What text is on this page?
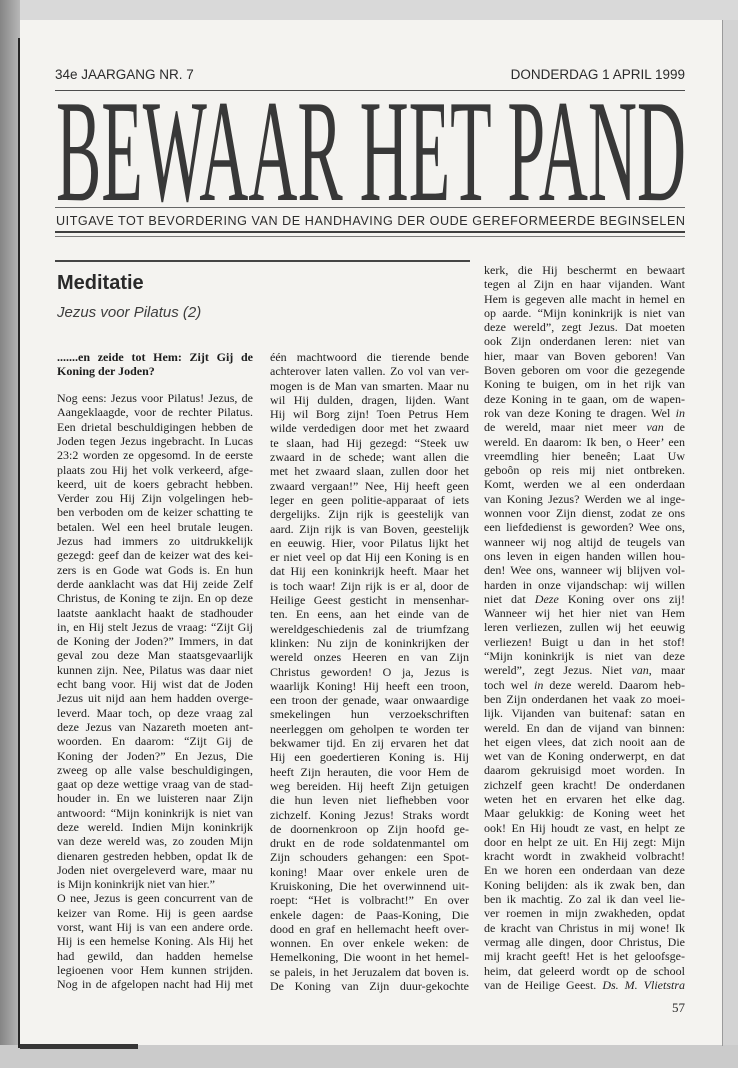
34e JAARGANG NR. 7	DONDERDAG 1 APRIL 1999
BEWAAR HET PAND
UITGAVE TOT BEVORDERING VAN DE HANDHAVING DER OUDE GEREFORMEERDE BEGINSELEN
Meditatie
Jezus voor Pilatus (2)
.......en zeide tot Hem: Zijt Gij de
Koning der Joden?
Nog eens: Jezus voor Pilatus! Jezus, de
Aangeklaagde, voor de rechter Pilatus.
Een drietal beschuldigingen hebben de
Joden tegen Jezus ingebracht. In Lucas
23:2 worden ze opgesomd. In de eerste
plaats zou Hij het volk verkeerd, afge-
keerd, uit de koers gebracht hebben.
Verder zou Hij Zijn volgelingen heb-
ben verboden om de keizer schatting te
betalen. Wel een heel brutale leugen.
Jezus had immers zo uitdrukkelijk
gezegd: geef dan de keizer wat des kei-
zers is en Gode wat Gods is. En hun
derde aanklacht was dat Hij zeide Zelf
Christus, de Koning te zijn. En op deze
laatste aanklacht haakt de stadhouder
in, en Hij stelt Jezus de vraag: “Zijt Gij
de Koning der Joden?” Immers, in dat
geval zou deze Man staatsgevaarlijk
kunnen zijn. Nee, Pilatus was daar niet
echt bang voor. Hij wist dat de Joden
Jezus uit nijd aan hem hadden overge-
leverd. Maar toch, op deze vraag zal
deze Jezus van Nazareth moeten ant-
woorden. En daarom: “Zijt Gij de
Koning der Joden?” En Jezus, Die
zweeg op alle valse beschuldigingen,
gaat op deze wettige vraag van de stad-
houder in. En we luisteren naar Zijn
antwoord: “Mijn koninkrijk is niet van
deze wereld. Indien Mijn koninkrijk
van deze wereld was, zo zouden Mijn
dienaren gestreden hebben, opdat Ik de
Joden niet overgeleverd ware, maar nu
is Mijn koninkrijk niet van hier.”
O nee, Jezus is geen concurrent van de
keizer van Rome. Hij is geen aardse
vorst, want Hij is van een andere orde.
Hij is een hemelse Koning. Als Hij het
had gewild, dan hadden hemelse
legioenen voor Hem kunnen strijden.
Nog in de afgelopen nacht had Hij met
één machtwoord die tierende bende
achterover laten vallen. Zo vol van ver-
mogen is de Man van smarten. Maar nu
wil Hij dulden, dragen, lijden. Want
Hij wil Borg zijn! Toen Petrus Hem
wilde verdedigen door met het zwaard
te slaan, had Hij gezegd: “Steek uw
zwaard in de schede; want allen die
met het zwaard slaan, zullen door het
zwaard vergaan!” Nee, Hij heeft geen
leger en geen politie-apparaat of iets
dergelijks. Zijn rijk is geestelijk van
aard. Zijn rijk is van Boven, geestelijk
en eeuwig. Hier, voor Pilatus lijkt het
er niet veel op dat Hij een Koning is en
dat Hij een koninkrijk heeft. Maar het
is toch waar! Zijn rijk is er al, door de
Heilige Geest gesticht in mensenhar-
ten. En eens, aan het einde van de
wereldgeschiedenis zal de triumfzang
klinken: Nu zijn de koninkrijken der
wereld onzes Heeren en van Zijn
Christus geworden! O ja, Jezus is
waarlijk Koning! Hij heeft een troon,
een troon der genade, waar onwaardige
smekelingen hun verzoekschriften
neerleggen om geholpen te worden ter
bekwamer tijd. En zij ervaren het dat
Hij een goedertieren Koning is. Hij
heeft Zijn herauten, die voor Hem de
weg bereiden. Hij heeft Zijn getuigen
die hun leven niet liefhebben voor
zichzelf. Koning Jezus! Straks wordt
de doornenkroon op Zijn hoofd ge-
drukt en de rode soldatenmantel om
Zijn schouders gehangen: een Spot-
koning! Maar over enkele uren de
Kruiskoning, Die het overwinnend uit-
roept: “Het is volbracht!” En over
enkele dagen: de Paas-Koning, Die
dood en graf en hellemacht heeft over-
wonnen. En over enkele weken: de
Hemelkoning, Die woont in het hemel-
se paleis, in het Jeruzalem dat boven is.
De Koning van Zijn duur-gekochte
kerk, die Hij beschermt en bewaart
tegen al Zijn en haar vijanden. Want
Hem is gegeven alle macht in hemel en
op aarde. “Mijn koninkrijk is niet van
deze wereld”, zegt Jezus. Dat moeten
ook Zijn onderdanen leren: niet van
hier, maar van Boven geboren! Van
Boven geboren om voor die gezegende
Koning te buigen, om in het rijk van
deze Koning in te gaan, om de wapen-
rok van deze Koning te dragen. Wel in
de wereld, maar niet meer van de
wereld. En daarom: Ik ben, o Heer’ een
vreemdling hier beneên; Laat Uw
geboôn op reis mij niet ontbreken.
Komt, werden we al een onderdaan
van Koning Jezus? Werden we al inge-
wonnen voor Zijn dienst, zodat ze ons
een liefdedienst is geworden? Wee ons,
wanneer wij nog altijd de teugels van
ons leven in eigen handen willen hou-
den! Wee ons, wanneer wij blijven vol-
harden in onze vijandschap: wij willen
niet dat Deze Koning over ons zij!
Wanneer wij het hier niet van Hem
leren verliezen, zullen wij het eeuwig
verliezen! Buigt u dan in het stof!
“Mijn koninkrijk is niet van deze
wereld”, zegt Jezus. Niet van, maar
toch wel in deze wereld. Daarom heb-
ben Zijn onderdanen het vaak zo moei-
lijk. Vijanden van buitenaf: satan en
wereld. En dan de vijand van binnen:
het eigen vlees, dat zich nooit aan de
wet van de Koning onderwerpt, en dat
daarom gekruisigd moet worden. In
zichzelf geen kracht! De onderdanen
weten het en ervaren het elke dag.
Maar gelukkig: de Koning weet het
ook! En Hij houdt ze vast, en helpt ze
door en helpt ze uit. En Hij zegt: Mijn
kracht wordt in zwakheid volbracht!
En we horen een onderdaan van deze
Koning belijden: als ik zwak ben, dan
ben ik machtig. Zo zal ik dan veel lie-
ver roemen in mijn zwakheden, opdat
de kracht van Christus in mij wone! Ik
vermag alle dingen, door Christus, Die
mij kracht geeft! Het is het geloofsge-
heim, dat geleerd wordt op de school
van de Heilige Geest. Ds. M. Vlietstra
57
